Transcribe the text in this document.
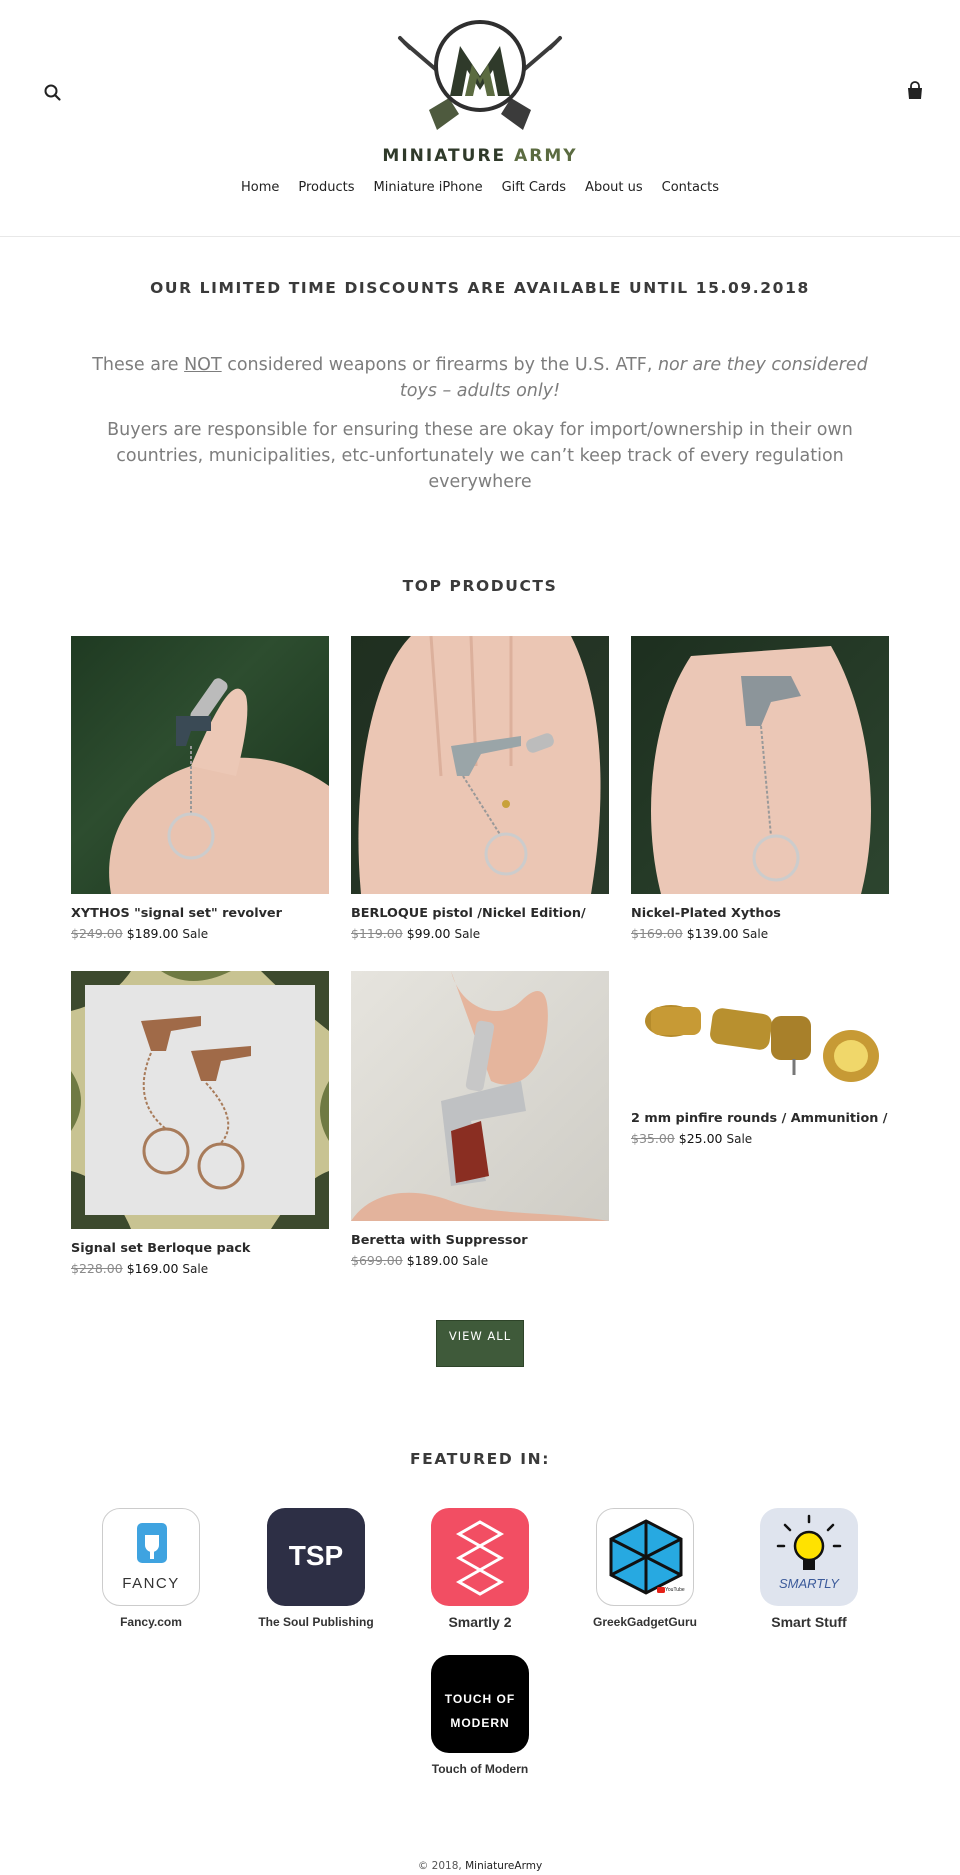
MINIATURE ARMY
Home Products Miniature iPhone Gift Cards About us Contacts
OUR LIMITED TIME DISCOUNTS ARE AVAILABLE UNTIL 15.09.2018

These are NOT considered weapons or firearms by the U.S. ATF, nor are they considered toys – adults only!

Buyers are responsible for ensuring these are okay for import/ownership in their own countries, municipalities, etc-unfortunately we can’t keep track of every regulation everywhere

TOP PRODUCTS
XYTHOS "signal set" revolver
$249.00 $189.00 Sale
BERLOQUE pistol /Nickel Edition/
$119.00 $99.00 Sale
Nickel-Plated Xythos
$169.00 $139.00 Sale
Signal set Berloque pack
$228.00 $169.00 Sale
Beretta with Suppressor
$699.00 $189.00 Sale
2 mm pinfire rounds / Ammunition /
$35.00 $25.00 Sale
VIEW ALL
FEATURED IN:
FANCY
Fancy.com
TSP
The Soul Publishing	Smartly 2
YouTube
GreekGadgetGuru
SMARTLY
Smart Stuff
TOUCH OF MODERN
Touch of Modern
© 2018, MiniatureArmy
